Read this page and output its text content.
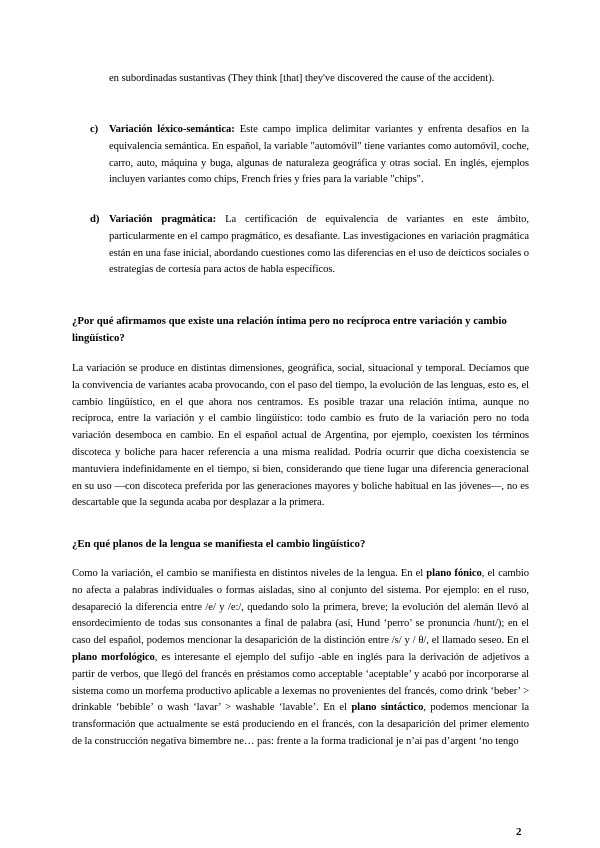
en subordinadas sustantivas (They think [that] they've discovered the cause of the accident).

c) Variación léxico-semántica: Este campo implica delimitar variantes y enfrenta desafíos en la equivalencia semántica. En español, la variable "automóvil" tiene variantes como automóvil, coche, carro, auto, máquina y buga, algunas de naturaleza geográfica y otras social. En inglés, ejemplos incluyen variantes como chips, French fries y fries para la variable "chips".

d) Variación pragmática: La certificación de equivalencia de variantes en este ámbito, particularmente en el campo pragmático, es desafiante. Las investigaciones en variación pragmática están en una fase inicial, abordando cuestiones como las diferencias en el uso de deícticos sociales o estrategias de cortesía para actos de habla específicos.

¿Por qué afirmamos que existe una relación íntima pero no recíproca entre variación y cambio lingüístico?

La variación se produce en distintas dimensiones, geográfica, social, situacional y temporal. Decíamos que la convivencia de variantes acaba provocando, con el paso del tiempo, la evolución de las lenguas, esto es, el cambio lingüístico, en el que ahora nos centramos. Es posible trazar una relación íntima, aunque no recíproca, entre la variación y el cambio lingüístico: todo cambio es fruto de la variación pero no toda variación desemboca en cambio. En el español actual de Argentina, por ejemplo, coexisten los términos discoteca y boliche para hacer referencia a una misma realidad. Podría ocurrir que dicha coexistencia se mantuviera indefinidamente en el tiempo, si bien, considerando que tiene lugar una diferencia generacional en su uso —con discoteca preferida por las generaciones mayores y boliche habitual en las jóvenes—, no es descartable que la segunda acaba por desplazar a la primera.

¿En qué planos de la lengua se manifiesta el cambio lingüístico?

Como la variación, el cambio se manifiesta en distintos niveles de la lengua. En el plano fónico, el cambio no afecta a palabras individuales o formas aisladas, sino al conjunto del sistema. Por ejemplo: en el ruso, desapareció la diferencia entre /e/ y /e:/, quedando solo la primera, breve; la evolución del alemán llevó al ensordecimiento de todas sus consonantes a final de palabra (así, Hund ‘perro’ se pronuncia /hunt/); en el caso del español, podemos mencionar la desaparición de la distinción entre /s/ y / θ/, el llamado seseo. En el plano morfológico, es interesante el ejemplo del sufijo -able en inglés para la derivación de adjetivos a partir de verbos, que llegó del francés en préstamos como acceptable ‘aceptable’ y acabó por incorporarse al sistema como un morfema productivo aplicable a lexemas no provenientes del francés, como drink ‘beber’ > drinkable ‘bebible’ o wash ‘lavar’ > washable ‘lavable’. En el plano sintáctico, podemos mencionar la transformación que actualmente se está produciendo en el francés, con la desaparición del primer elemento de la construcción negativa bimembre ne… pas: frente a la forma tradicional je n’ai pas d’argent ‘no tengo

2
